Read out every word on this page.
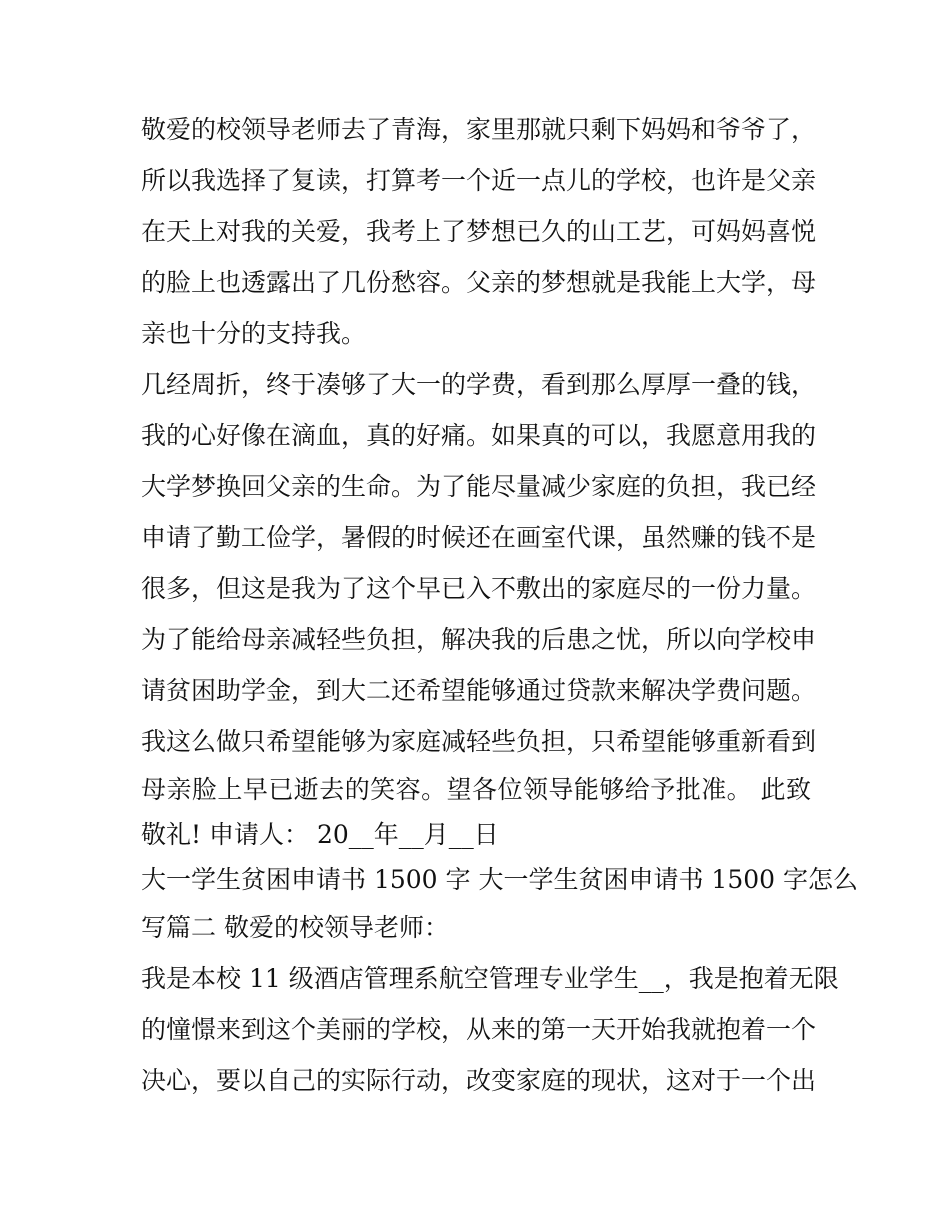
敬爱的校领导老师去了青海，家里那就只剩下妈妈和爷爷了，
所以我选择了复读，打算考一个近一点儿的学校，也许是父亲
在天上对我的关爱，我考上了梦想已久的山工艺，可妈妈喜悦
的脸上也透露出了几份愁容。父亲的梦想就是我能上大学，母
亲也十分的支持我。
几经周折，终于凑够了大一的学费，看到那么厚厚一叠的钱，
我的心好像在滴血，真的好痛。如果真的可以，我愿意用我的
大学梦换回父亲的生命。为了能尽量减少家庭的负担，我已经
申请了勤工俭学，暑假的时候还在画室代课，虽然赚的钱不是
很多，但这是我为了这个早已入不敷出的家庭尽的一份力量。
为了能给母亲减轻些负担，解决我的后患之忧，所以向学校申
请贫困助学金，到大二还希望能够通过贷款来解决学费问题。
我这么做只希望能够为家庭减轻些负担，只希望能够重新看到
母亲脸上早已逝去的笑容。望各位领导能够给予批准。 此致
敬礼! 申请人： 20__年__月__日
大一学生贫困申请书 1500 字 大一学生贫困申请书 1500 字怎么
写篇二 敬爱的校领导老师：
我是本校 11 级酒店管理系航空管理专业学生__，我是抱着无限
的憧憬来到这个美丽的学校，从来的第一天开始我就抱着一个
决心，要以自己的实际行动，改变家庭的现状，这对于一个出
